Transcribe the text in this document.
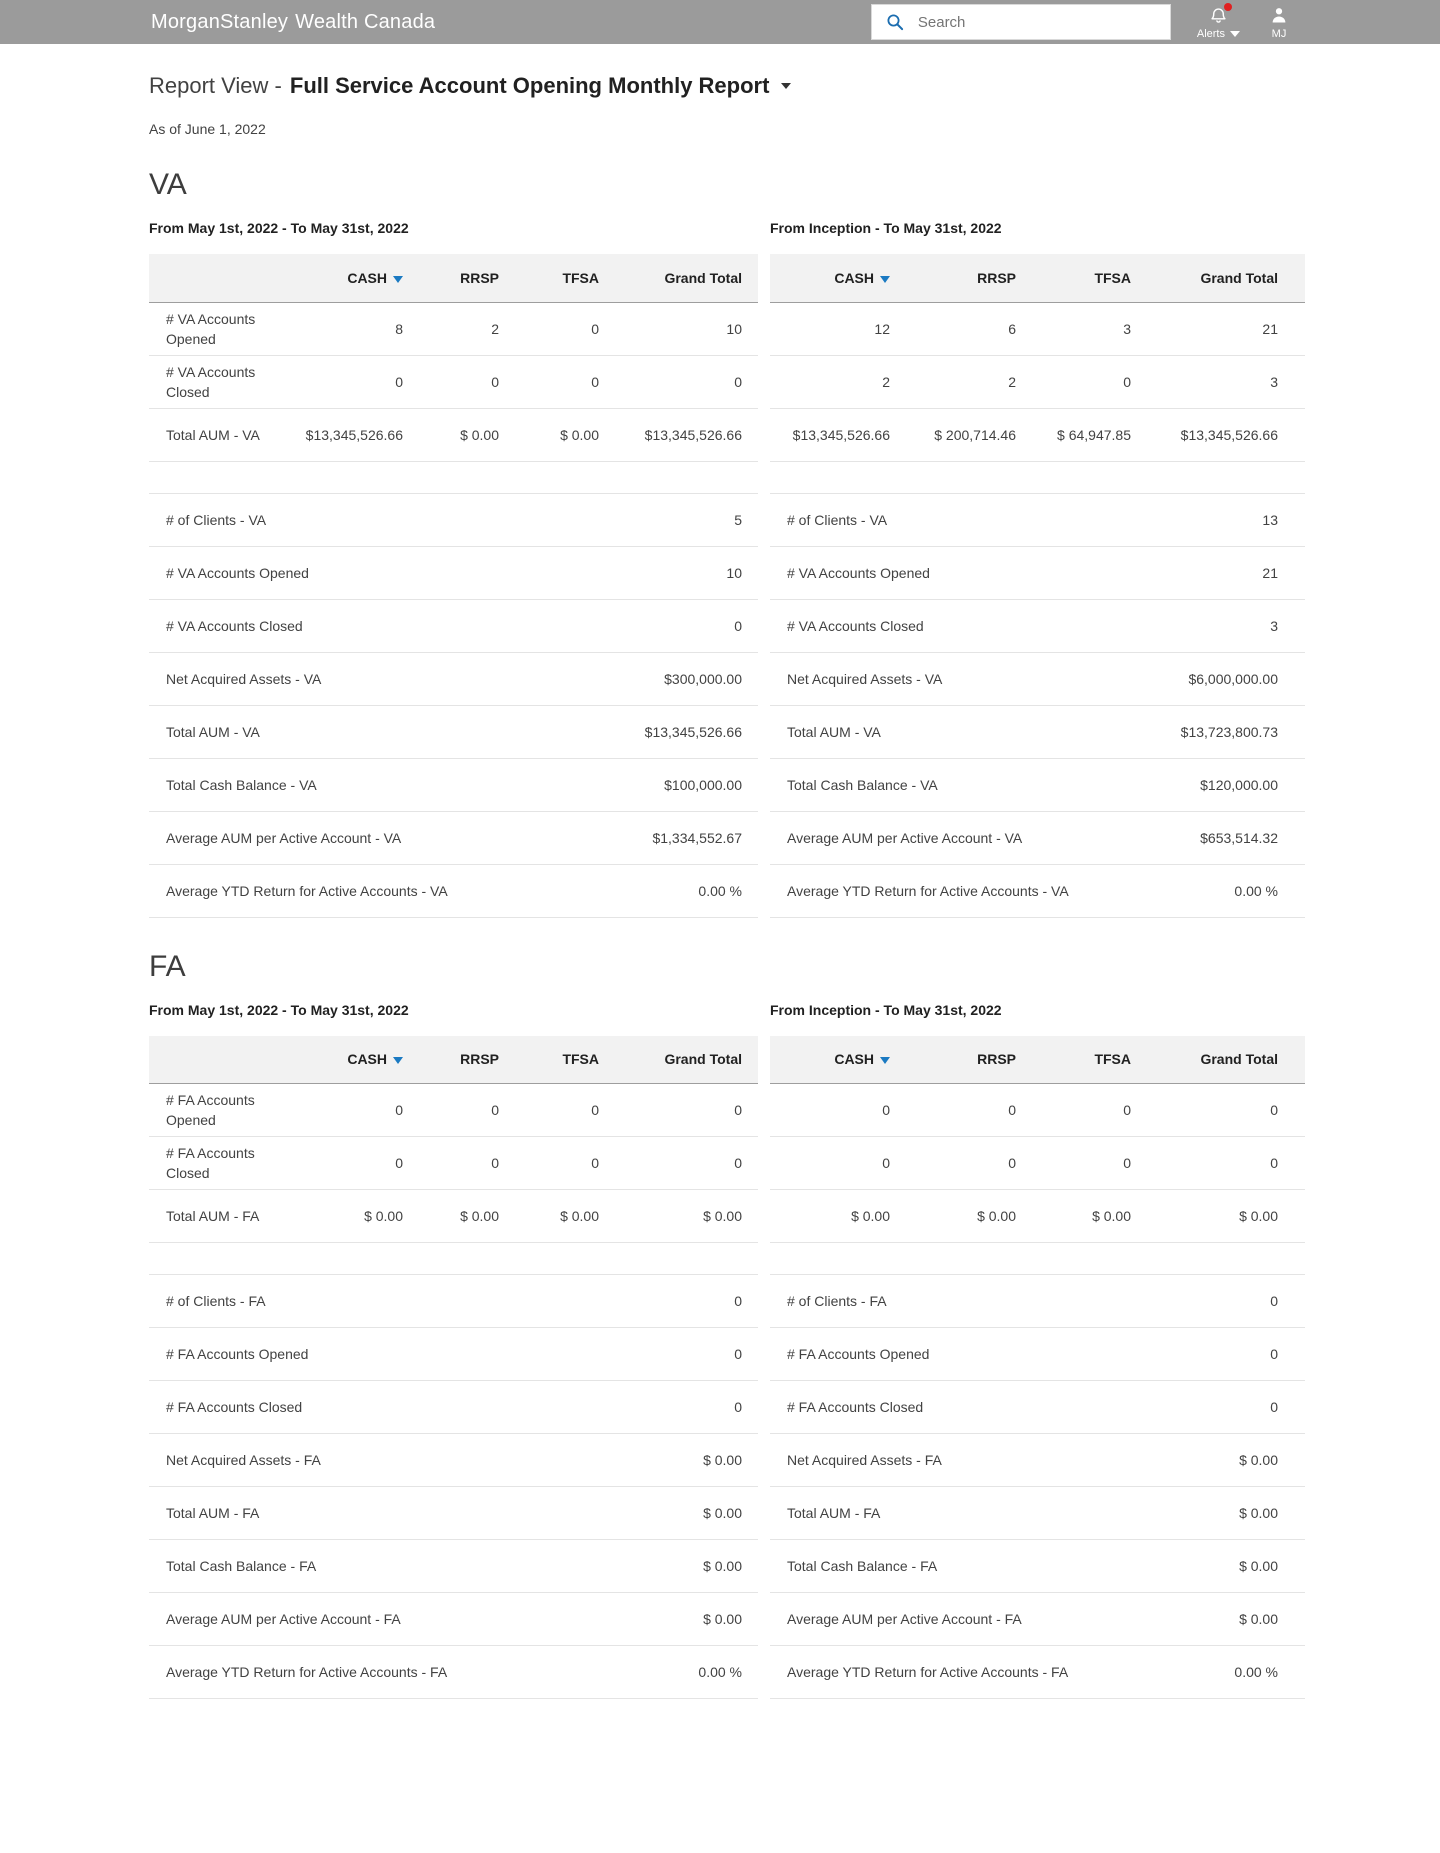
MorganStanley Wealth Canada
Search
Alerts	MJ
Report View - Full Service Account Opening Monthly Report
As of June 1, 2022
VA
From May 1st, 2022 - To May 31st, 2022
	CASH	RRSP	TFSA	Grand Total
# VA Accounts Opened	8	2	0	10
# VA Accounts Closed	0	0	0	0
Total AUM - VA	$13,345,526.66	$ 0.00	$ 0.00	$13,345,526.66
# of Clients - VA	5
# VA Accounts Opened	10
# VA Accounts Closed	0
Net Acquired Assets - VA	$300,000.00
Total AUM - VA	$13,345,526.66
Total Cash Balance - VA	$100,000.00
Average AUM per Active Account - VA	$1,334,552.67
Average YTD Return for Active Accounts - VA	0.00 %
From Inception - To May 31st, 2022
CASH	RRSP	TFSA	Grand Total
12	6	3	21
2	2	0	3
$13,345,526.66	$ 200,714.46	$ 64,947.85	$13,345,526.66
# of Clients - VA	13
# VA Accounts Opened	21
# VA Accounts Closed	3
Net Acquired Assets - VA	$6,000,000.00
Total AUM - VA	$13,723,800.73
Total Cash Balance - VA	$120,000.00
Average AUM per Active Account - VA	$653,514.32
Average YTD Return for Active Accounts - VA	0.00 %
FA
From May 1st, 2022 - To May 31st, 2022
	CASH	RRSP	TFSA	Grand Total
# FA Accounts Opened	0	0	0	0
# FA Accounts Closed	0	0	0	0
Total AUM - FA	$ 0.00	$ 0.00	$ 0.00	$ 0.00
# of Clients - FA	0
# FA Accounts Opened	0
# FA Accounts Closed	0
Net Acquired Assets - FA	$ 0.00
Total AUM - FA	$ 0.00
Total Cash Balance - FA	$ 0.00
Average AUM per Active Account - FA	$ 0.00
Average YTD Return for Active Accounts - FA	0.00 %
From Inception - To May 31st, 2022
CASH	RRSP	TFSA	Grand Total
0	0	0	0
0	0	0	0
$ 0.00	$ 0.00	$ 0.00	$ 0.00
# of Clients - FA	0
# FA Accounts Opened	0
# FA Accounts Closed	0
Net Acquired Assets - FA	$ 0.00
Total AUM - FA	$ 0.00
Total Cash Balance - FA	$ 0.00
Average AUM per Active Account - FA	$ 0.00
Average YTD Return for Active Accounts - FA	0.00 %
